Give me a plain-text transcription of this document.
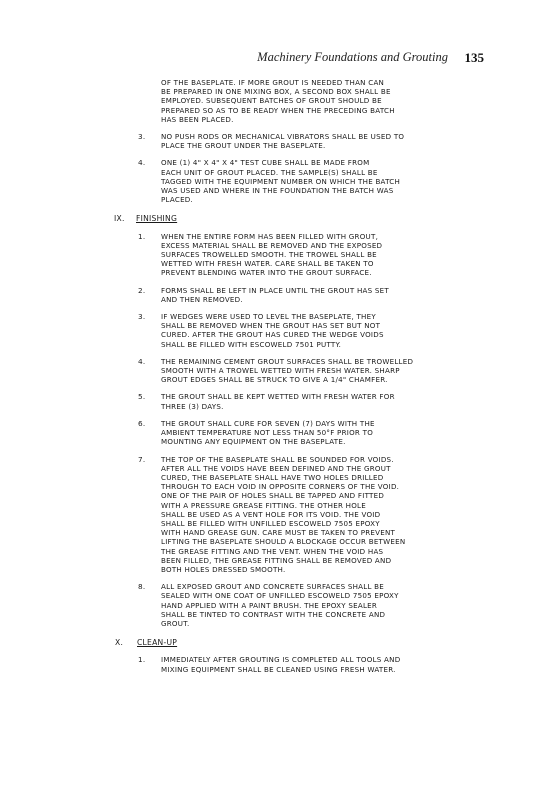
Machinery Foundations and Grouting 135
OF THE BASEPLATE. IF MORE GROUT IS NEEDED THAN CAN
BE PREPARED IN ONE MIXING BOX, A SECOND BOX SHALL BE
EMPLOYED. SUBSEQUENT BATCHES OF GROUT SHOULD BE
PREPARED SO AS TO BE READY WHEN THE PRECEDING BATCH
HAS BEEN PLACED.
3. NO PUSH RODS OR MECHANICAL VIBRATORS SHALL BE USED TO
PLACE THE GROUT UNDER THE BASEPLATE.
4. ONE (1) 4" X 4" X 4" TEST CUBE SHALL BE MADE FROM
EACH UNIT OF GROUT PLACED. THE SAMPLE(S) SHALL BE
TAGGED WITH THE EQUIPMENT NUMBER ON WHICH THE BATCH
WAS USED AND WHERE IN THE FOUNDATION THE BATCH WAS
PLACED.
IX. FINISHING
1. WHEN THE ENTIRE FORM HAS BEEN FILLED WITH GROUT,
EXCESS MATERIAL SHALL BE REMOVED AND THE EXPOSED
SURFACES TROWELLED SMOOTH. THE TROWEL SHALL BE
WETTED WITH FRESH WATER. CARE SHALL BE TAKEN TO
PREVENT BLENDING WATER INTO THE GROUT SURFACE.
2. FORMS SHALL BE LEFT IN PLACE UNTIL THE GROUT HAS SET
AND THEN REMOVED.
3. IF WEDGES WERE USED TO LEVEL THE BASEPLATE, THEY
SHALL BE REMOVED WHEN THE GROUT HAS SET BUT NOT
CURED. AFTER THE GROUT HAS CURED THE WEDGE VOIDS
SHALL BE FILLED WITH ESCOWELD 7501 PUTTY.
4. THE REMAINING CEMENT GROUT SURFACES SHALL BE TROWELLED
SMOOTH WITH A TROWEL WETTED WITH FRESH WATER. SHARP
GROUT EDGES SHALL BE STRUCK TO GIVE A 1/4" CHAMFER.
5. THE GROUT SHALL BE KEPT WETTED WITH FRESH WATER FOR
THREE (3) DAYS.
6. THE GROUT SHALL CURE FOR SEVEN (7) DAYS WITH THE
AMBIENT TEMPERATURE NOT LESS THAN 50°F PRIOR TO
MOUNTING ANY EQUIPMENT ON THE BASEPLATE.
7. THE TOP OF THE BASEPLATE SHALL BE SOUNDED FOR VOIDS.
AFTER ALL THE VOIDS HAVE BEEN DEFINED AND THE GROUT
CURED, THE BASEPLATE SHALL HAVE TWO HOLES DRILLED
THROUGH TO EACH VOID IN OPPOSITE CORNERS OF THE VOID.
ONE OF THE PAIR OF HOLES SHALL BE TAPPED AND FITTED
WITH A PRESSURE GREASE FITTING. THE OTHER HOLE
SHALL BE USED AS A VENT HOLE FOR ITS VOID. THE VOID
SHALL BE FILLED WITH UNFILLED ESCOWELD 7505 EPOXY
WITH HAND GREASE GUN. CARE MUST BE TAKEN TO PREVENT
LIFTING THE BASEPLATE SHOULD A BLOCKAGE OCCUR BETWEEN
THE GREASE FITTING AND THE VENT. WHEN THE VOID HAS
BEEN FILLED, THE GREASE FITTING SHALL BE REMOVED AND
BOTH HOLES DRESSED SMOOTH.
8. ALL EXPOSED GROUT AND CONCRETE SURFACES SHALL BE
SEALED WITH ONE COAT OF UNFILLED ESCOWELD 7505 EPOXY
HAND APPLIED WITH A PAINT BRUSH. THE EPOXY SEALER
SHALL BE TINTED TO CONTRAST WITH THE CONCRETE AND
GROUT.
X. CLEAN-UP
1. IMMEDIATELY AFTER GROUTING IS COMPLETED ALL TOOLS AND
MIXING EQUIPMENT SHALL BE CLEANED USING FRESH WATER.
